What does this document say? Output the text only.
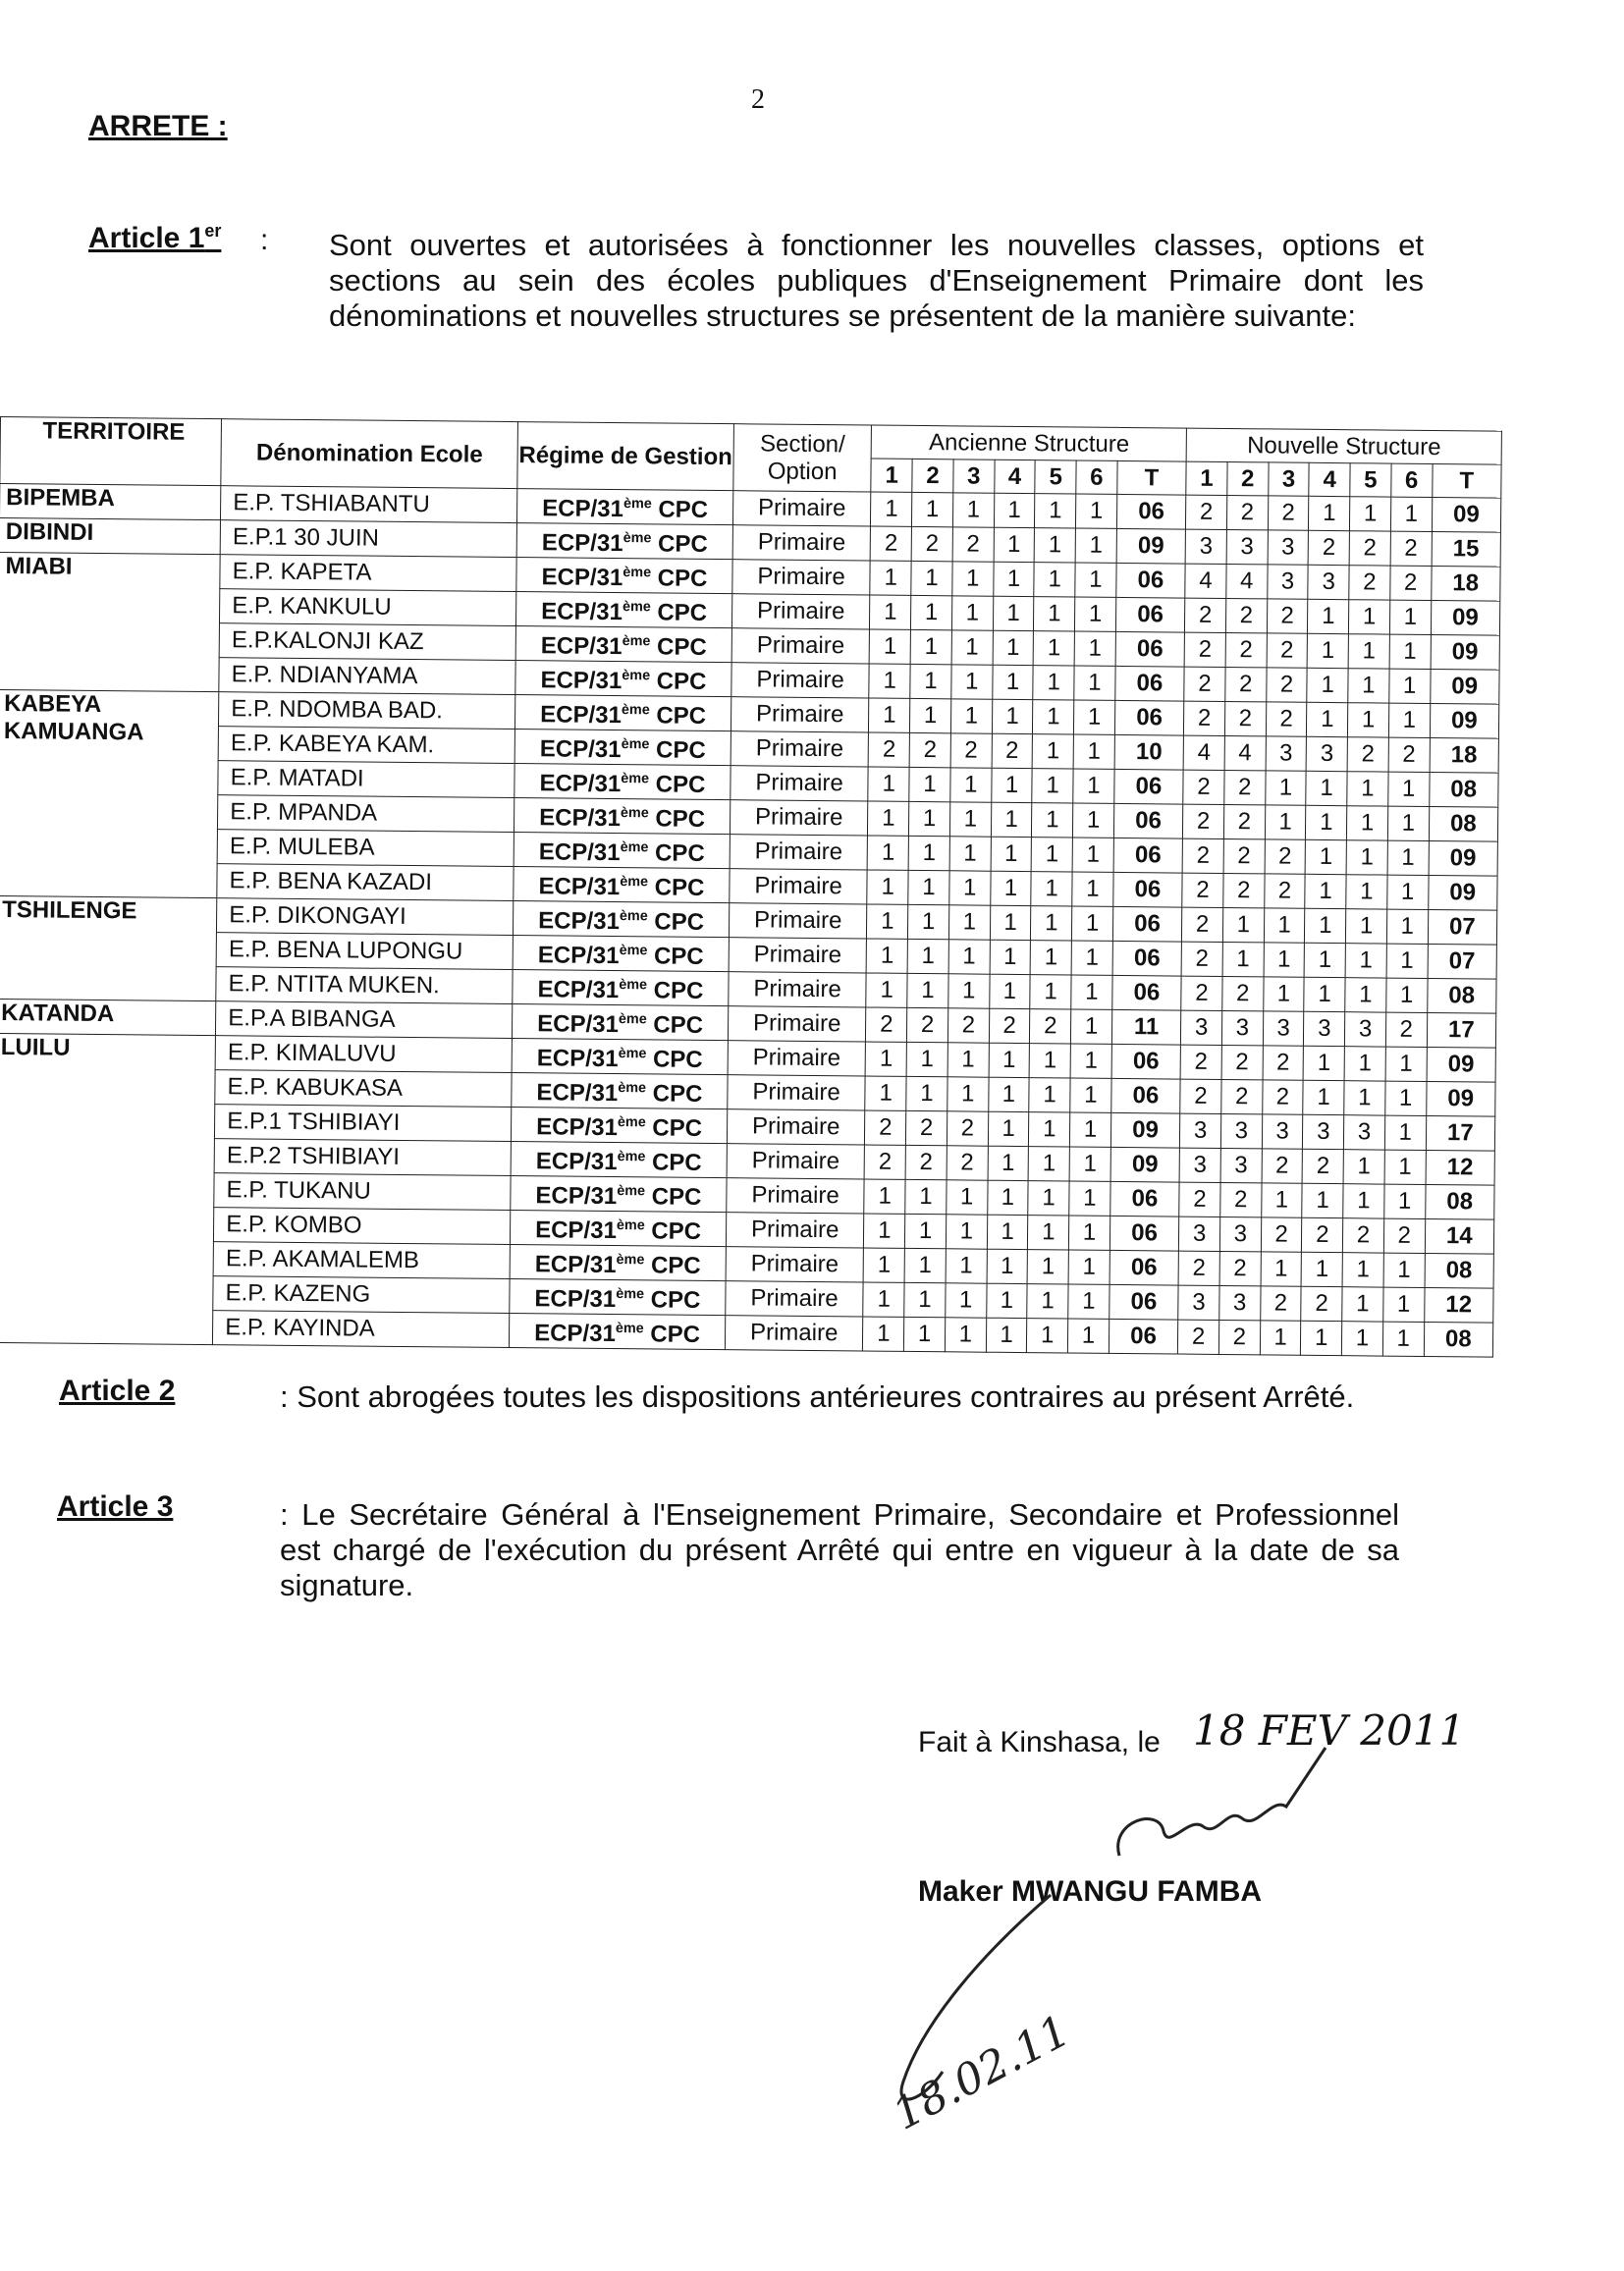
2
ARRETE :
Article 1er : Sont ouvertes et autorisées à fonctionner les nouvelles classes, options et sections au sein des écoles publiques d'Enseignement Primaire dont les dénominations et nouvelles structures se présentent de la manière suivante:
TERRITOIRE	Dénomination Ecole	Régime de Gestion	Section/ Option	Ancienne Structure							Nouvelle Structure						
				1	2	3	4	5	6	T	1	2	3	4	5	6	T

BIPEMBA	E.P. TSHIABANTU	ECP/31ème CPC	Primaire	1	1	1	1	1	1	06	2	2	2	1	1	1	09

DIBINDI	E.P.1 30 JUIN	ECP/31ème CPC	Primaire	2	2	2	1	1	1	09	3	3	3	2	2	2	15

MIABI	E.P. KAPETA	ECP/31ème CPC	Primaire	1	1	1	1	1	1	06	4	4	3	3	2	2	18
	E.P. KANKULU	ECP/31ème CPC	Primaire	1	1	1	1	1	1	06	2	2	2	1	1	1	09
	E.P.KALONJI KAZ	ECP/31ème CPC	Primaire	1	1	1	1	1	1	06	2	2	2	1	1	1	09
	E.P. NDIANYAMA	ECP/31ème CPC	Primaire	1	1	1	1	1	1	06	2	2	2	1	1	1	09

KABEYA
KAMUANGA	E.P. NDOMBA BAD.	ECP/31ème CPC	Primaire	1	1	1	1	1	1	06	2	2	2	1	1	1	09
	E.P. KABEYA KAM.	ECP/31ème CPC	Primaire	2	2	2	2	1	1	10	4	4	3	3	2	2	18
	E.P. MATADI	ECP/31ème CPC	Primaire	1	1	1	1	1	1	06	2	2	1	1	1	1	08
	E.P. MPANDA	ECP/31ème CPC	Primaire	1	1	1	1	1	1	06	2	2	1	1	1	1	08
	E.P. MULEBA	ECP/31ème CPC	Primaire	1	1	1	1	1	1	06	2	2	2	1	1	1	09
	E.P. BENA KAZADI	ECP/31ème CPC	Primaire	1	1	1	1	1	1	06	2	2	2	1	1	1	09

TSHILENGE	E.P. DIKONGAYI	ECP/31ème CPC	Primaire	1	1	1	1	1	1	06	2	1	1	1	1	1	07
	E.P. BENA LUPONGU	ECP/31ème CPC	Primaire	1	1	1	1	1	1	06	2	1	1	1	1	1	07
	E.P. NTITA MUKEN.	ECP/31ème CPC	Primaire	1	1	1	1	1	1	06	2	2	1	1	1	1	08

KATANDA	E.P.A BIBANGA	ECP/31ème CPC	Primaire	2	2	2	2	2	1	11	3	3	3	3	3	2	17

LUILU	E.P. KIMALUVU	ECP/31ème CPC	Primaire	1	1	1	1	1	1	06	2	2	2	1	1	1	09
	E.P. KABUKASA	ECP/31ème CPC	Primaire	1	1	1	1	1	1	06	2	2	2	1	1	1	09
	E.P.1 TSHIBIAYI	ECP/31ème CPC	Primaire	2	2	2	1	1	1	09	3	3	3	3	3	1	17
	E.P.2 TSHIBIAYI	ECP/31ème CPC	Primaire	2	2	2	1	1	1	09	3	3	2	2	1	1	12
	E.P. TUKANU	ECP/31ème CPC	Primaire	1	1	1	1	1	1	06	2	2	1	1	1	1	08
	E.P. KOMBO	ECP/31ème CPC	Primaire	1	1	1	1	1	1	06	3	3	2	2	2	2	14
	E.P. AKAMALEMB	ECP/31ème CPC	Primaire	1	1	1	1	1	1	06	2	2	1	1	1	1	08
	E.P. KAZENG	ECP/31ème CPC	Primaire	1	1	1	1	1	1	06	3	3	2	2	1	1	12
	E.P. KAYINDA	ECP/31ème CPC	Primaire	1	1	1	1	1	1	06	2	2	1	1	1	1	08
Article 2	: Sont abrogées toutes les dispositions antérieures contraires au présent Arrêté.
Article 3	: Le Secrétaire Général à l'Enseignement Primaire, Secondaire et Professionnel est chargé de l'exécution du présent Arrêté qui entre en vigueur à la date de sa signature.
Fait à Kinshasa, le 18 FEV 2011
Maker MWANGU FAMBA
18.02.11
